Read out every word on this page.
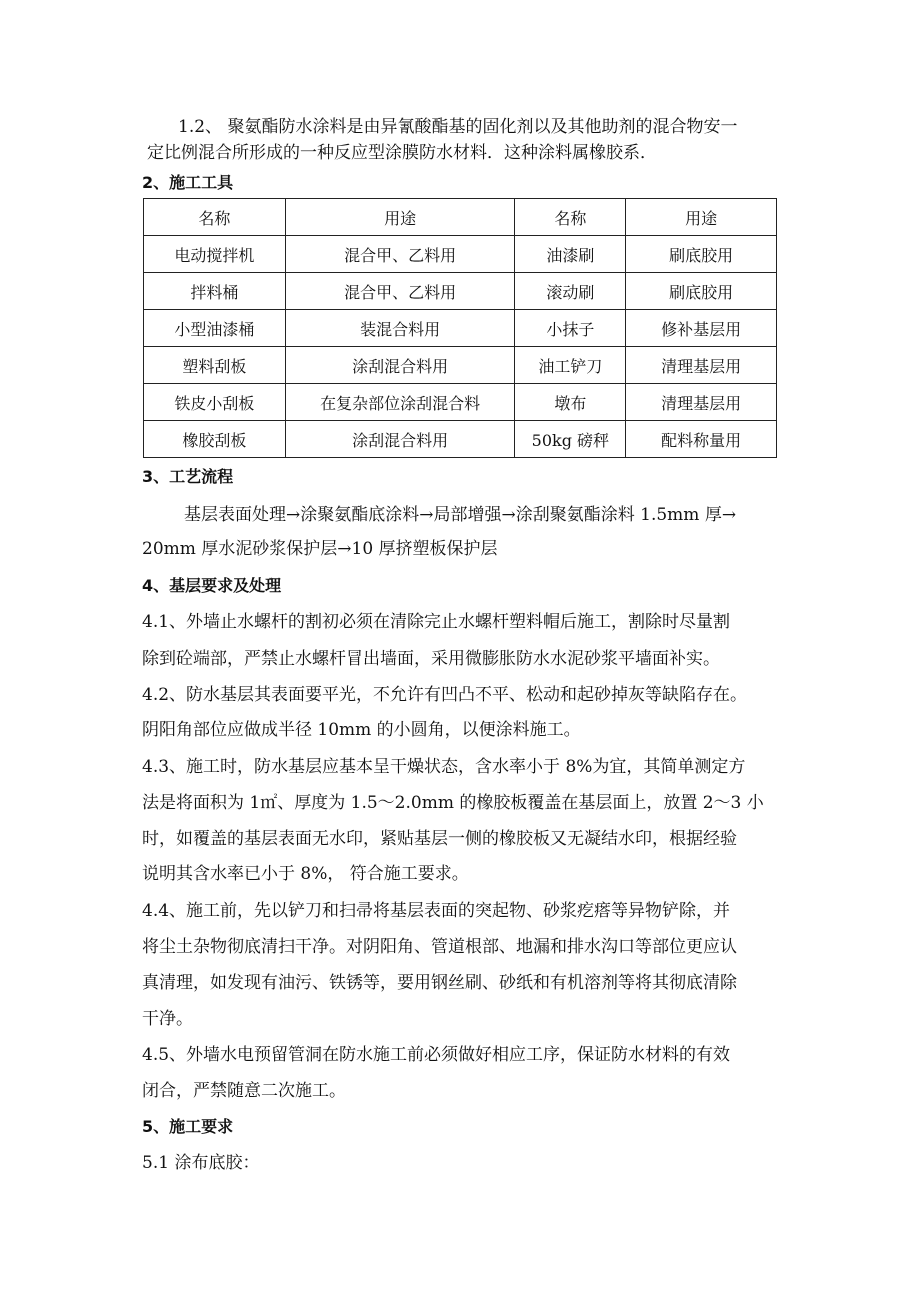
1.2、 聚氨酯防水涂料是由异氰酸酯基的固化剂以及其他助剂的混合物安一
定比例混合所形成的一种反应型涂膜防水材料．这种涂料属橡胶系．
2、施工工具
名称	用途	名称	用途
电动搅拌机	混合甲、乙料用	油漆刷	刷底胶用
拌料桶	混合甲、乙料用	滚动刷	刷底胶用
小型油漆桶	装混合料用	小抹子	修补基层用
塑料刮板	涂刮混合料用	油工铲刀	清理基层用
铁皮小刮板	在复杂部位涂刮混合料	墩布	清理基层用
橡胶刮板	涂刮混合料用	50kg 磅秤	配料称量用
3、工艺流程
基层表面处理→涂聚氨酯底涂料→局部增强→涂刮聚氨酯涂料 1.5mm 厚→
20mm 厚水泥砂浆保护层→10 厚挤塑板保护层
4、基层要求及处理
4.1、外墙止水螺杆的割初必须在清除完止水螺杆塑料帽后施工，割除时尽量割
除到砼端部，严禁止水螺杆冒出墙面，采用微膨胀防水水泥砂浆平墙面补实。
4.2、防水基层其表面要平光，不允许有凹凸不平、松动和起砂掉灰等缺陷存在。
阴阳角部位应做成半径 10mm 的小圆角，以便涂料施工。
4.3、施工时，防水基层应基本呈干燥状态，含水率小于 8%为宜，其简单测定方
法是将面积为 1㎡、厚度为 1.5～2.0mm 的橡胶板覆盖在基层面上，放置 2～3 小
时，如覆盖的基层表面无水印，紧贴基层一侧的橡胶板又无凝结水印，根据经验
说明其含水率已小于 8%， 符合施工要求。
4.4、施工前，先以铲刀和扫帚将基层表面的突起物、砂浆疙瘩等异物铲除，并
将尘土杂物彻底清扫干净。对阴阳角、管道根部、地漏和排水沟口等部位更应认
真清理，如发现有油污、铁锈等，要用钢丝刷、砂纸和有机溶剂等将其彻底清除
干净。
4.5、外墙水电预留管洞在防水施工前必须做好相应工序，保证防水材料的有效
闭合，严禁随意二次施工。
5、施工要求
5.1 涂布底胶：
